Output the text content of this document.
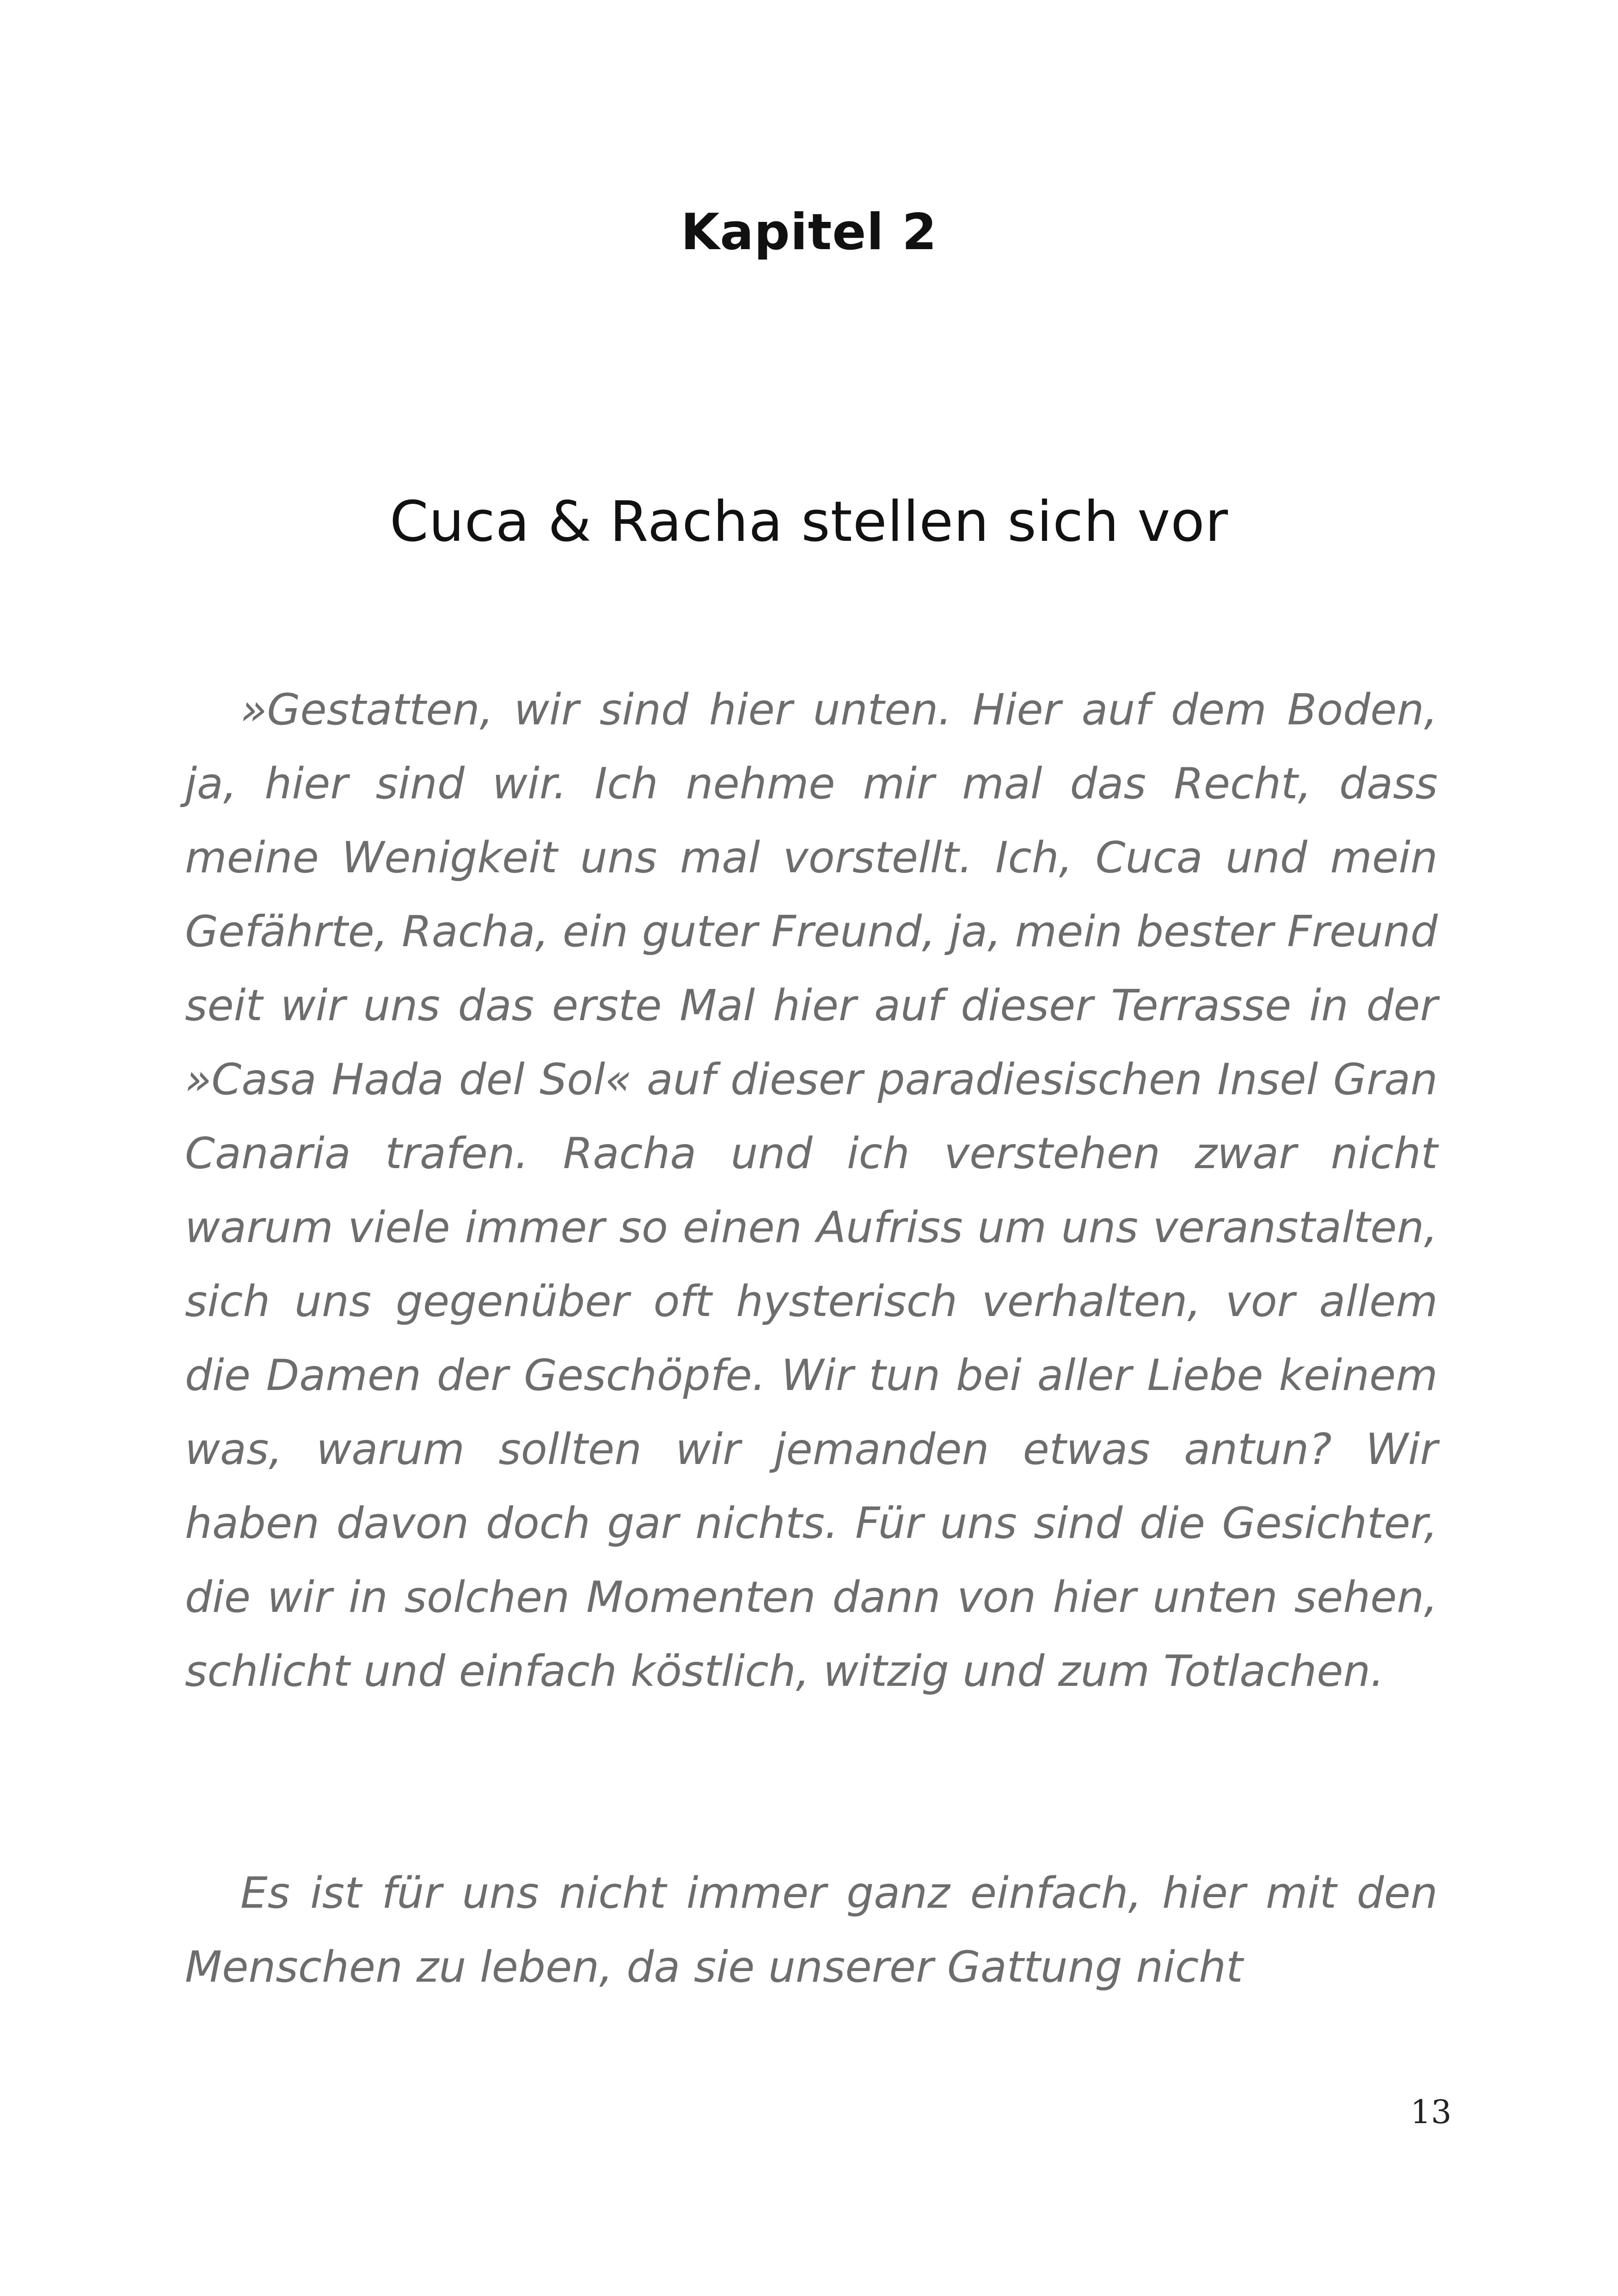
Kapitel 2
Cuca & Racha stellen sich vor

»Gestatten, wir sind hier unten. Hier auf dem Boden, ja, hier sind wir. Ich nehme mir mal das Recht, dass meine Wenigkeit uns mal vorstellt. Ich, Cuca und mein Gefährte, Racha, ein guter Freund, ja, mein bester Freund seit wir uns das erste Mal hier auf dieser Terrasse in der »Casa Hada del Sol« auf dieser paradiesischen Insel Gran Canaria trafen. Racha und ich verstehen zwar nicht warum viele immer so einen Aufriss um uns veranstalten, sich uns gegenüber oft hysterisch verhalten, vor allem die Damen der Geschöpfe. Wir tun bei aller Liebe keinem was, warum sollten wir jemanden etwas antun? Wir haben davon doch gar nichts. Für uns sind die Gesichter, die wir in solchen Momenten dann von hier unten sehen, schlicht und einfach köstlich, witzig und zum Totlachen.

Es ist für uns nicht immer ganz einfach, hier mit den Menschen zu leben, da sie unserer Gattung nicht

13
